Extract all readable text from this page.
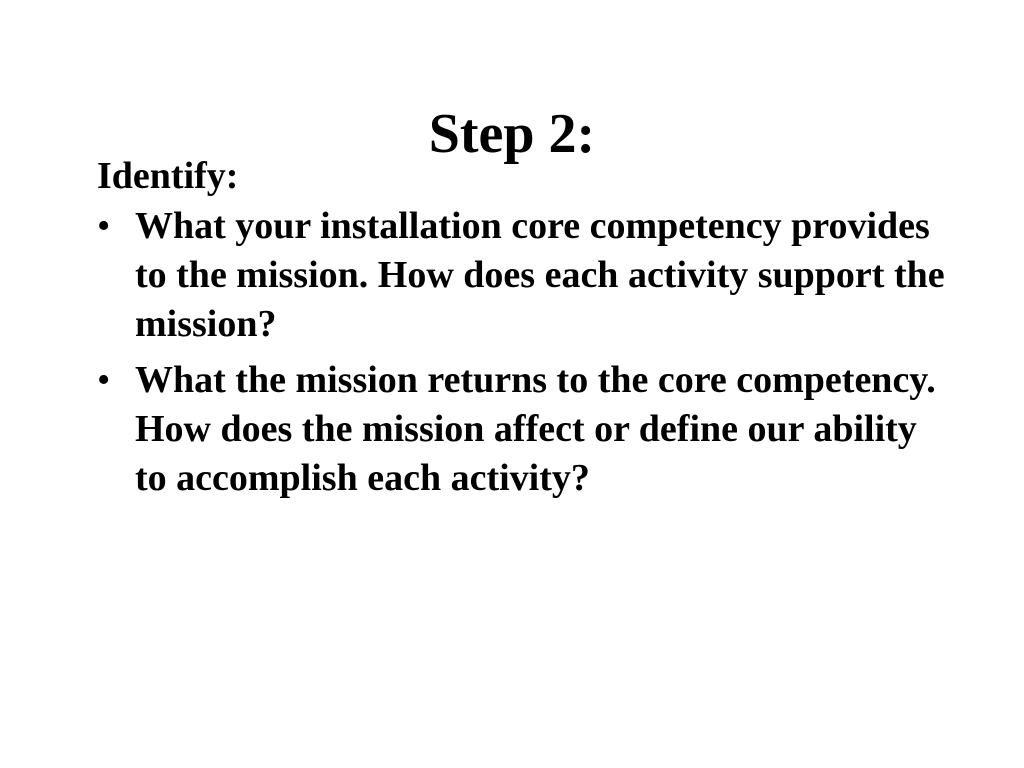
Step 2:

Identify:

• What your installation core competency provides to the mission. How does each activity support the mission?
• What the mission returns to the core competency. How does the mission affect or define our ability to accomplish each activity?
